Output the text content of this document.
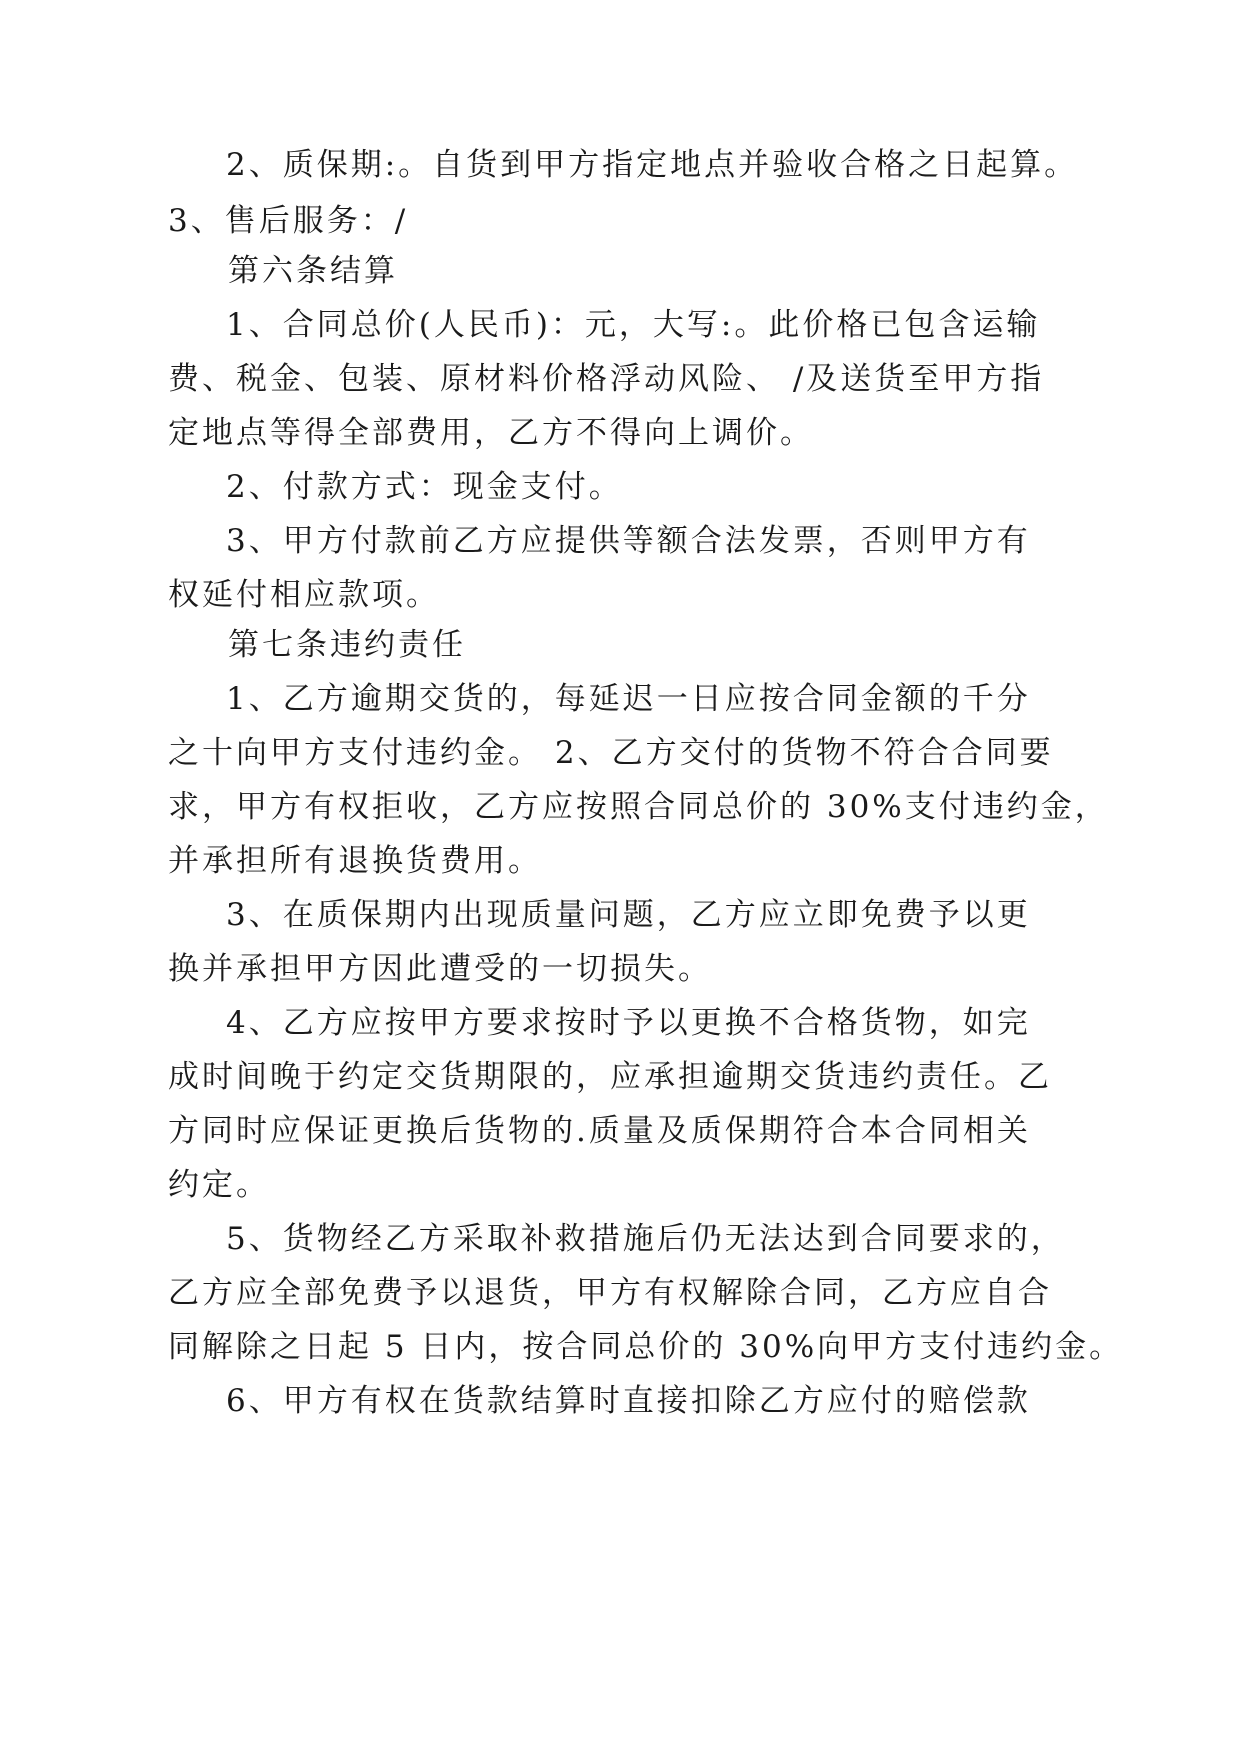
2、质保期:。自货到甲方指定地点并验收合格之日起算。
3、售后服务：/
第六条结算
1、合同总价(人民币)：元，大写:。此价格已包含运输
费、税金、包装、原材料价格浮动风险、 /及送货至甲方指
定地点等得全部费用，乙方不得向上调价。
2、付款方式：现金支付。
3、甲方付款前乙方应提供等额合法发票，否则甲方有
权延付相应款项。
第七条违约责任
1、乙方逾期交货的，每延迟一日应按合同金额的千分
之十向甲方支付违约金。 2、乙方交付的货物不符合合同要
求，甲方有权拒收，乙方应按照合同总价的 30%支付违约金，
并承担所有退换货费用。
3、在质保期内出现质量问题，乙方应立即免费予以更
换并承担甲方因此遭受的一切损失。
4、乙方应按甲方要求按时予以更换不合格货物，如完
成时间晚于约定交货期限的，应承担逾期交货违约责任。乙
方同时应保证更换后货物的.质量及质保期符合本合同相关
约定。
5、货物经乙方采取补救措施后仍无法达到合同要求的，
乙方应全部免费予以退货，甲方有权解除合同，乙方应自合
同解除之日起 5 日内，按合同总价的 30%向甲方支付违约金。
6、甲方有权在货款结算时直接扣除乙方应付的赔偿款
